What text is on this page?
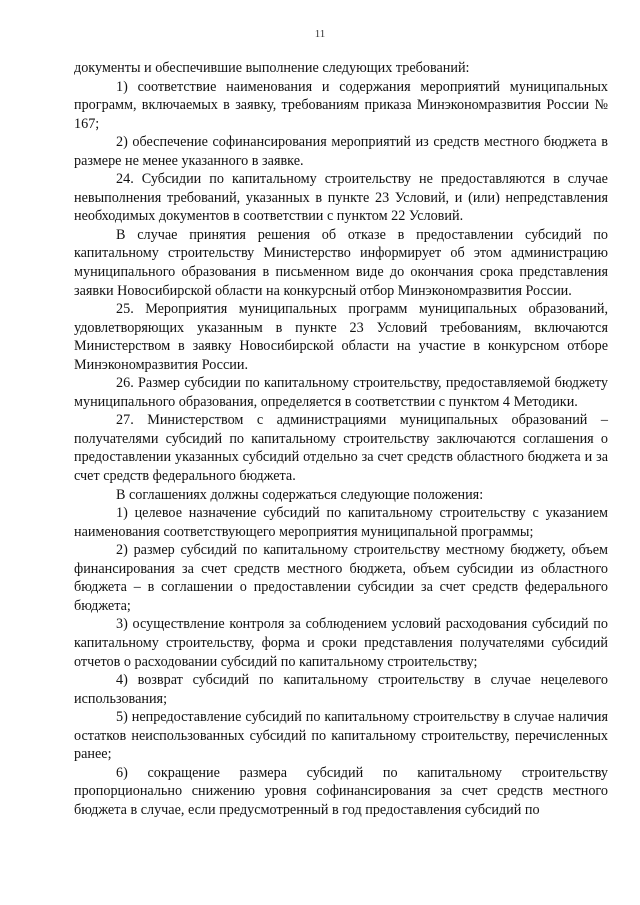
11

документы и обеспечившие выполнение следующих требований:

1) соответствие наименования и содержания мероприятий муниципальных программ, включаемых в заявку, требованиям приказа Минэкономразвития России № 167;

2) обеспечение софинансирования мероприятий из средств местного бюджета в размере не менее указанного в заявке.

24. Субсидии по капитальному строительству не предоставляются в случае невыполнения требований, указанных в пункте 23 Условий, и (или) непредставления необходимых документов в соответствии с пунктом 22 Условий.

В случае принятия решения об отказе в предоставлении субсидий по капитальному строительству Министерство информирует об этом администрацию муниципального образования в письменном виде до окончания срока представления заявки Новосибирской области на конкурсный отбор Минэкономразвития России.

25. Мероприятия муниципальных программ муниципальных образований, удовлетворяющих указанным в пункте 23 Условий требованиям, включаются Министерством в заявку Новосибирской области на участие в конкурсном отборе Минэкономразвития России.

26. Размер субсидии по капитальному строительству, предоставляемой бюджету муниципального образования, определяется в соответствии с пунктом 4 Методики.

27. Министерством с администрациями муниципальных образований – получателями субсидий по капитальному строительству заключаются соглашения о предоставлении указанных субсидий отдельно за счет средств областного бюджета и за счет средств федерального бюджета.

В соглашениях должны содержаться следующие положения:

1) целевое назначение субсидий по капитальному строительству с указанием наименования соответствующего мероприятия муниципальной программы;

2) размер субсидий по капитальному строительству местному бюджету, объем финансирования за счет средств местного бюджета, объем субсидии из областного бюджета – в соглашении о предоставлении субсидии за счет средств федерального бюджета;

3) осуществление контроля за соблюдением условий расходования субсидий по капитальному строительству, форма и сроки представления получателями субсидий отчетов о расходовании субсидий по капитальному строительству;

4) возврат субсидий по капитальному строительству в случае нецелевого использования;

5) непредоставление субсидий по капитальному строительству в случае наличия остатков неиспользованных субсидий по капитальному строительству, перечисленных ранее;

6) сокращение размера субсидий по капитальному строительству пропорционально снижению уровня софинансирования за счет средств местного бюджета в случае, если предусмотренный в год предоставления субсидий по
